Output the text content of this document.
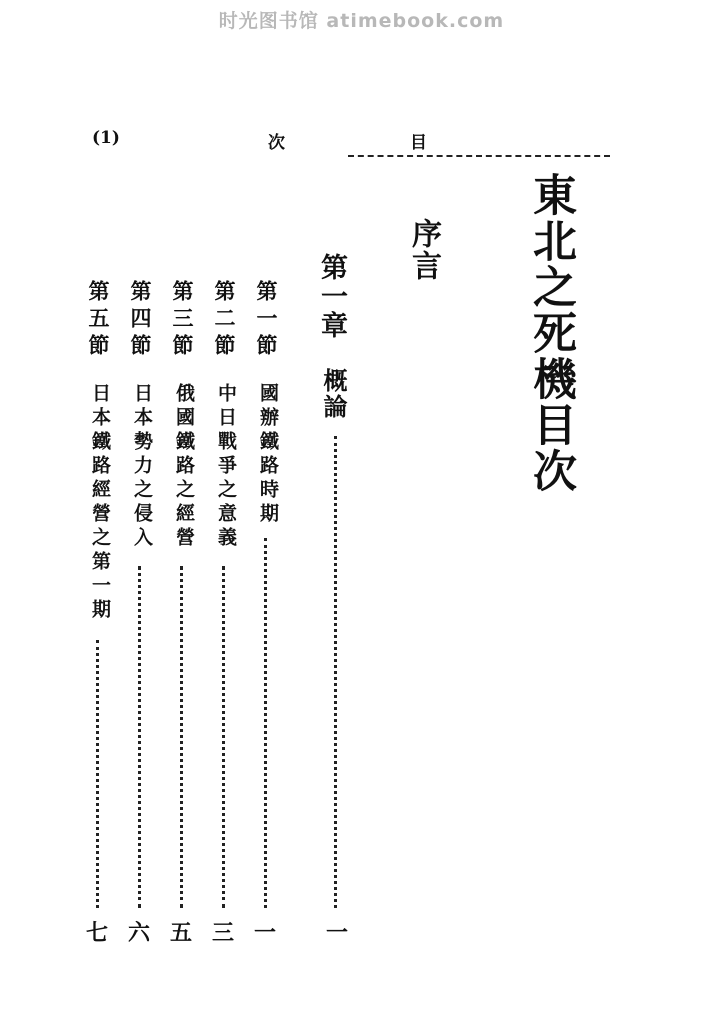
时光图书馆 atimebook.com
(1)	次	目
東北之死機目次
序言
第一章
概論
一
第一節
國辦鐵路時期
一
第二節
中日戰爭之意義
三
第三節
俄國鐵路之經營
五
第四節
日本勢力之侵入
六
第五節
日本鐵路經營之第一期
七
